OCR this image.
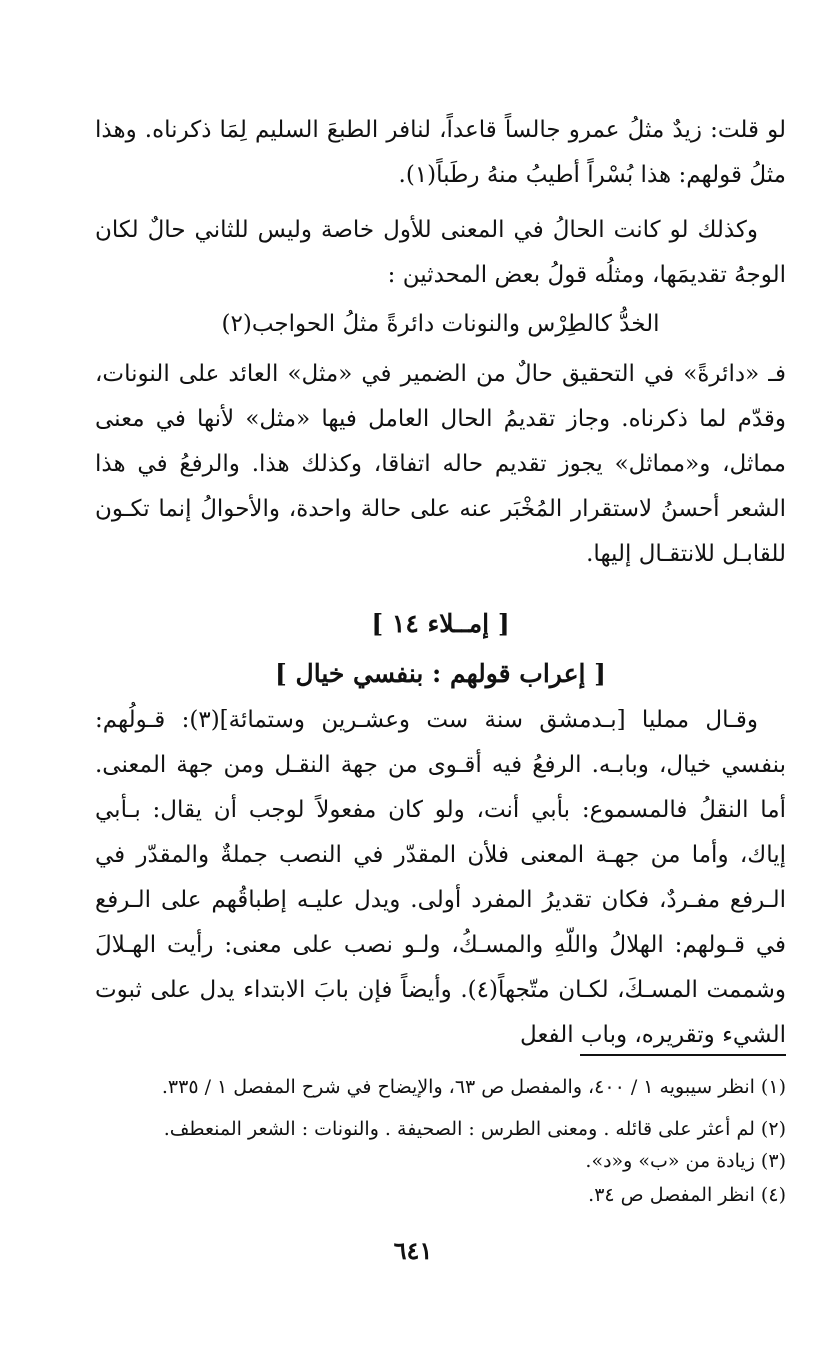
لو قلت: زيدٌ مثلُ عمرو جالساً قاعداً، لنافر الطبعَ السليم لِمَا ذكرناه. وهذا مثلُ قولهم: هذا بُسْراً أطيبُ منهُ رطَباً(١).

وكذلك لو كانت الحالُ في المعنى للأول خاصة وليس للثاني حالٌ لكان الوجهُ تقديمَها، ومثلُه قولُ بعض المحدثين :

الخدُّ كالطِرْس والنونات دائرةً مثلُ الحواجب(٢)

فـ «دائرةً» في التحقيق حالٌ من الضمير في «مثل» العائد على النونات، وقدّم لما ذكرناه. وجاز تقديمُ الحال العامل فيها «مثل» لأنها في معنى مماثل، و«مماثل» يجوز تقديم حاله اتفاقا، وكذلك هذا. والرفعُ في هذا الشعر أحسنُ لاستقرار المُخْبَر عنه على حالة واحدة، والأحوالُ إنما تكـون للقابـل للانتقـال إليها.

[ إمــلاء ١٤ ]

[ إعراب قولهم : بنفسي خيال ]

وقـال ممليا [بـدمشق سنة ست وعشـرين وستمائة](٣): قـولُهم: بنفسي خيال، وبابـه. الرفعُ فيه أقـوى من جهة النقـل ومن جهة المعنى. أما النقلُ فالمسموع: بأبي أنت، ولو كان مفعولاً لوجب أن يقال: بـأبي إياك، وأما من جهـة المعنى فلأن المقدّر في النصب جملةٌ والمقدّر في الـرفع مفـردٌ، فكان تقديرُ المفرد أولى. ويدل عليـه إطباقُهم على الـرفع في قـولهم: الهلالُ واللّهِ والمسـكُ، ولـو نصب على معنى: رأيت الهـلالَ وشممت المسـكَ، لكـان متّجهاً(٤). وأيضاً فإن بابَ الابتداء يدل على ثبوت الشيء وتقريره، وباب الفعل

(١) انظر سيبويه ١ / ٤٠٠، والمفصل ص ٦٣، والإيضاح في شرح المفصل ١ / ٣٣٥.

(٢) لم أعثر على قائله . ومعنى الطرس : الصحيفة . والنونات : الشعر المنعطف.

(٣) زيادة من «ب» و«د».

(٤) انظر المفصل ص ٣٤.

٦٤١
